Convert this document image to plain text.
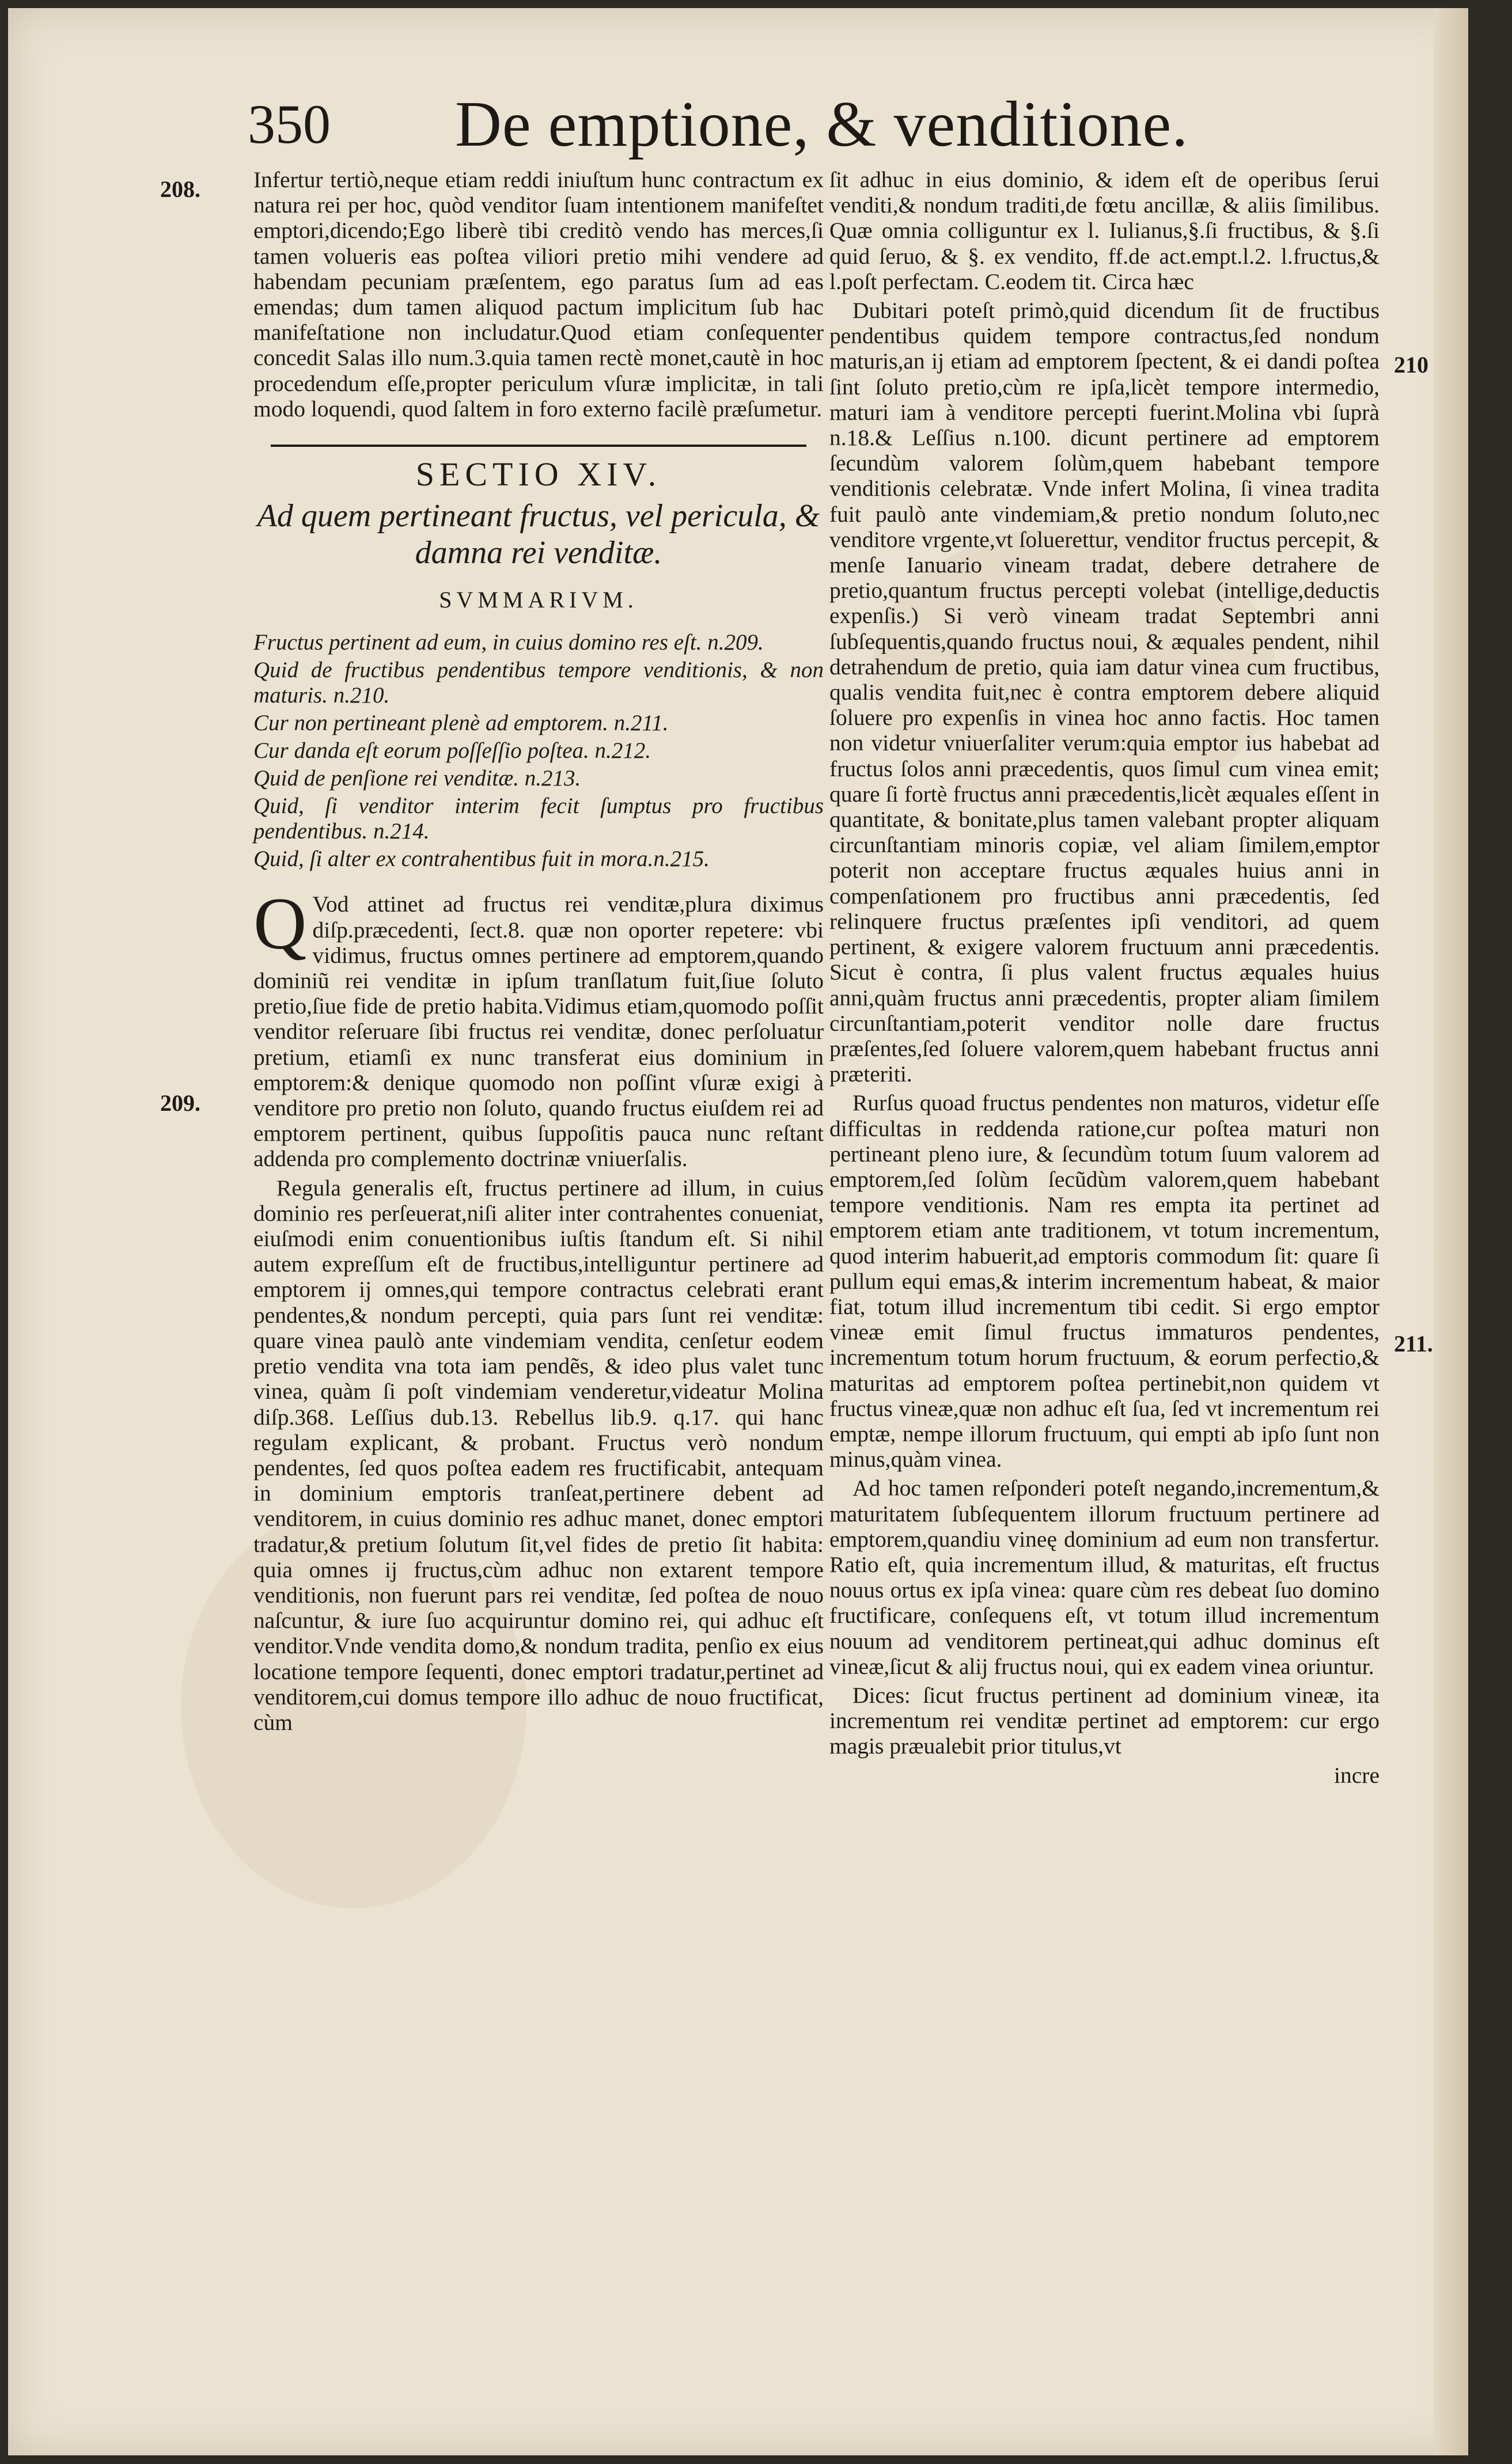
350 De emptione, & venditione.
208.
209.
210
211.

Infertur tertiò,neque etiam reddi iniuſtum hunc contractum ex natura rei per hoc, quòd venditor ſuam intentionem manifeſtet emptori,dicendo;Ego liberè tibi creditò vendo has merces,ſi tamen volueris eas poſtea viliori pretio mihi vendere ad habendam pecuniam præſentem, ego paratus ſum ad eas emendas; dum tamen aliquod pactum implicitum ſub hac manifeſtatione non includatur.Quod etiam conſequenter concedit Salas illo num.3.quia tamen rectè monet,cautè in hoc procedendum eſſe,propter periculum vſuræ implicitæ, in tali modo loquendi, quod ſaltem in foro externo facilè præſumetur.

SECTIO XIV.
Ad quem pertineant fructus, vel pericula, & damna rei venditæ.
SVMMARIVM.
Fructus pertinent ad eum, in cuius domino res eſt. n.209.
Quid de fructibus pendentibus tempore venditionis, & non maturis. n.210.
Cur non pertineant plenè ad emptorem. n.211.
Cur danda eſt eorum poſſeſſio poſtea. n.212.
Quid de penſione rei venditæ. n.213.
Quid, ſi venditor interim fecit ſumptus pro fructibus pendentibus. n.214.
Quid, ſi alter ex contrahentibus fuit in mora.n.215.

Q Vod attinet ad fructus rei venditæ,plura diximus diſp.præcedenti, ſect.8. quæ non oporter repetere: vbi vidimus, fructus omnes pertinere ad emptorem,quando dominiũ rei venditæ in ipſum tranſlatum fuit,ſiue ſoluto pretio,ſiue fide de pretio habita.Vidimus etiam,quomodo poſſit venditor reſeruare ſibi fructus rei venditæ, donec perſoluatur pretium, etiamſi ex nunc transferat eius dominium in emptorem:& denique quomodo non poſſint vſuræ exigi à venditore pro pretio non ſoluto, quando fructus eiuſdem rei ad emptorem pertinent, quibus ſuppoſitis pauca nunc reſtant addenda pro complemento doctrinæ vniuerſalis.

Regula generalis eſt, fructus pertinere ad illum, in cuius dominio res perſeuerat,niſi aliter inter contrahentes conueniat, eiuſmodi enim conuentionibus iuſtis ſtandum eſt. Si nihil autem expreſſum eſt de fructibus,intelliguntur pertinere ad emptorem ij omnes,qui tempore contractus celebrati erant pendentes,& nondum percepti, quia pars ſunt rei venditæ: quare vinea paulò ante vindemiam vendita, cenſetur eodem pretio vendita vna tota iam pendẽs, & ideo plus valet tunc vinea, quàm ſi poſt vindemiam venderetur,videatur Molina diſp.368. Leſſius dub.13. Rebellus lib.9. q.17. qui hanc regulam explicant, & probant. Fructus verò nondum pendentes, ſed quos poſtea eadem res fructificabit, antequam in dominium emptoris tranſeat,pertinere debent ad venditorem, in cuius dominio res adhuc manet, donec emptori tradatur,& pretium ſolutum ſit,vel fides de pretio ſit habita: quia omnes ij fructus,cùm adhuc non extarent tempore venditionis, non fuerunt pars rei venditæ, ſed poſtea de nouo naſcuntur, & iure ſuo acquiruntur domino rei, qui adhuc eſt venditor.Vnde vendita domo,& nondum tradita, penſio ex eius locatione tempore ſequenti, donec emptori tradatur,pertinet ad venditorem,cui domus tempore illo adhuc de nouo fructificat, cùm

ſit adhuc in eius dominio, & idem eſt de operibus ſerui venditi,& nondum traditi,de fœtu ancillæ, & aliis ſimilibus. Quæ omnia colliguntur ex l. Iulianus,§.ſi fructibus, & §.ſi quid ſeruo, & §. ex vendito, ff.de act.empt.l.2. l.fructus,& l.poſt perfectam. C.eodem tit. Circa hæc

Dubitari poteſt primò,quid dicendum ſit de fructibus pendentibus quidem tempore contractus,ſed nondum maturis,an ij etiam ad emptorem ſpectent, & ei dandi poſtea ſint ſoluto pretio,cùm re ipſa,licèt tempore intermedio, maturi iam à venditore percepti fuerint.Molina vbi ſuprà n.18.& Leſſius n.100. dicunt pertinere ad emptorem ſecundùm valorem ſolùm,quem habebant tempore venditionis celebratæ. Vnde infert Molina, ſi vinea tradita fuit paulò ante vindemiam,& pretio nondum ſoluto,nec venditore vrgente,vt ſoluerettur, venditor fructus percepit, & menſe Ianuario vineam tradat, debere detrahere de pretio,quantum fructus percepti volebat (intellige,deductis expenſis.) Si verò vineam tradat Septembri anni ſubſequentis,quando fructus noui, & æquales pendent, nihil detrahendum de pretio, quia iam datur vinea cum fructibus, qualis vendita fuit,nec è contra emptorem debere aliquid ſoluere pro expenſis in vinea hoc anno factis. Hoc tamen non videtur vniuerſaliter verum:quia emptor ius habebat ad fructus ſolos anni præcedentis, quos ſimul cum vinea emit; quare ſi fortè fructus anni præcedentis,licèt æquales eſſent in quantitate, & bonitate,plus tamen valebant propter aliquam circunſtantiam minoris copiæ, vel aliam ſimilem,emptor poterit non acceptare fructus æquales huius anni in compenſationem pro fructibus anni præcedentis, ſed relinquere fructus præſentes ipſi venditori, ad quem pertinent, & exigere valorem fructuum anni præcedentis. Sicut è contra, ſi plus valent fructus æquales huius anni,quàm fructus anni præcedentis, propter aliam ſimilem circunſtantiam,poterit venditor nolle dare fructus præſentes,ſed ſoluere valorem,quem habebant fructus anni præteriti.

Rurſus quoad fructus pendentes non maturos, videtur eſſe difficultas in reddenda ratione,cur poſtea maturi non pertineant pleno iure, & ſecundùm totum ſuum valorem ad emptorem,ſed ſolùm ſecũdùm valorem,quem habebant tempore venditionis. Nam res empta ita pertinet ad emptorem etiam ante traditionem, vt totum incrementum, quod interim habuerit,ad emptoris commodum ſit: quare ſi pullum equi emas,& interim incrementum habeat, & maior fiat, totum illud incrementum tibi cedit. Si ergo emptor vineæ emit ſimul fructus immaturos pendentes, incrementum totum horum fructuum, & eorum perfectio,& maturitas ad emptorem poſtea pertinebit,non quidem vt fructus vineæ,quæ non adhuc eſt ſua, ſed vt incrementum rei emptæ, nempe illorum fructuum, qui empti ab ipſo ſunt non minus,quàm vinea.

Ad hoc tamen reſponderi poteſt negando,incrementum,& maturitatem ſubſequentem illorum fructuum pertinere ad emptorem,quandiu vineę dominium ad eum non transfertur. Ratio eſt, quia incrementum illud, & maturitas, eſt fructus nouus ortus ex ipſa vinea: quare cùm res debeat ſuo domino fructificare, conſequens eſt, vt totum illud incrementum nouum ad venditorem pertineat,qui adhuc dominus eſt vineæ,ſicut & alij fructus noui, qui ex eadem vinea oriuntur.

Dices: ſicut fructus pertinent ad dominium vineæ, ita incrementum rei venditæ pertinet ad emptorem: cur ergo magis præualebit prior titulus,vt

incre
